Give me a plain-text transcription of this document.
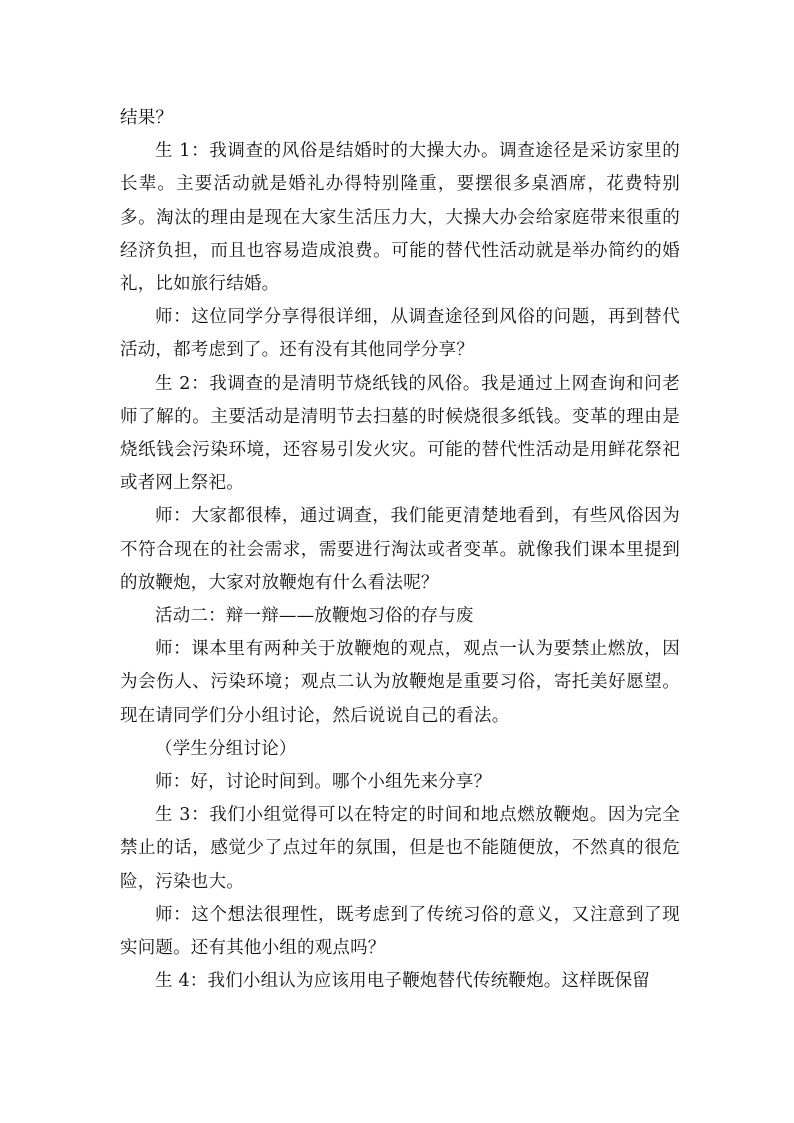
结果？

生 1：我调查的风俗是结婚时的大操大办。调查途径是采访家里的长辈。主要活动就是婚礼办得特别隆重，要摆很多桌酒席，花费特别多。淘汰的理由是现在大家生活压力大，大操大办会给家庭带来很重的经济负担，而且也容易造成浪费。可能的替代性活动就是举办简约的婚礼，比如旅行结婚。

师：这位同学分享得很详细，从调查途径到风俗的问题，再到替代活动，都考虑到了。还有没有其他同学分享？

生 2：我调查的是清明节烧纸钱的风俗。我是通过上网查询和问老师了解的。主要活动是清明节去扫墓的时候烧很多纸钱。变革的理由是烧纸钱会污染环境，还容易引发火灾。可能的替代性活动是用鲜花祭祀或者网上祭祀。

师：大家都很棒，通过调查，我们能更清楚地看到，有些风俗因为不符合现在的社会需求，需要进行淘汰或者变革。就像我们课本里提到的放鞭炮，大家对放鞭炮有什么看法呢？

活动二：辩一辩——放鞭炮习俗的存与废

师：课本里有两种关于放鞭炮的观点，观点一认为要禁止燃放，因为会伤人、污染环境；观点二认为放鞭炮是重要习俗，寄托美好愿望。现在请同学们分小组讨论，然后说说自己的看法。

（学生分组讨论）

师：好，讨论时间到。哪个小组先来分享？

生 3：我们小组觉得可以在特定的时间和地点燃放鞭炮。因为完全禁止的话，感觉少了点过年的氛围，但是也不能随便放，不然真的很危险，污染也大。

师：这个想法很理性，既考虑到了传统习俗的意义，又注意到了现实问题。还有其他小组的观点吗？

生 4：我们小组认为应该用电子鞭炮替代传统鞭炮。这样既保留
